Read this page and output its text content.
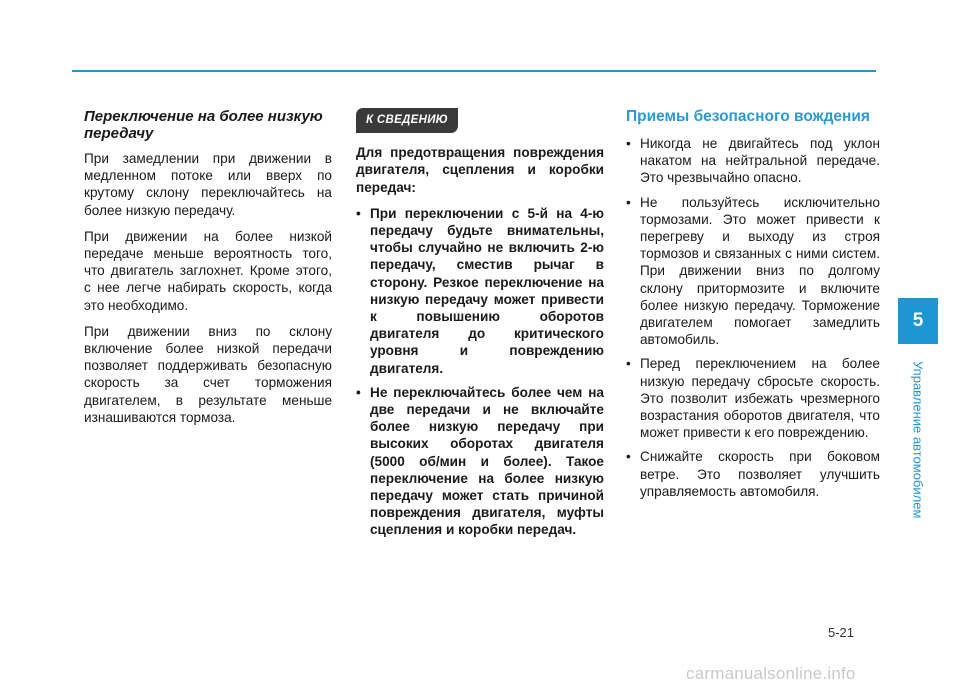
Переключение на более низкую передачу

При замедлении при движении в медленном потоке или вверх по крутому склону переключайтесь на более низкую передачу.

При движении на более низкой передаче меньше вероятность того, что двигатель заглохнет. Кроме этого, с нее легче набирать скорость, когда это необходимо.

При движении вниз по склону включение более низкой передачи позволяет поддерживать безопасную скорость за счет торможения двигателем, в результате меньше изнашиваются тормоза.

К СВЕДЕНИЮ

Для предотвращения повреждения двигателя, сцепления и коробки передач:

• При переключении с 5-й на 4-ю передачу будьте внимательны, чтобы случайно не включить 2-ю передачу, сместив рычаг в сторону. Резкое переключение на низкую передачу может привести к повышению оборотов двигателя до критического уровня и повреждению двигателя.
• Не переключайтесь более чем на две передачи и не включайте более низкую передачу при высоких оборотах двигателя (5000 об/мин и более). Такое переключение на более низкую передачу может стать причиной повреждения двигателя, муфты сцепления и коробки передач.
Приемы безопасного вождения
• Никогда не двигайтесь под уклон накатом на нейтральной передаче. Это чрезвычайно опасно.
• Не пользуйтесь исключительно тормозами. Это может привести к перегреву и выходу из строя тормозов и связанных с ними систем. При движении вниз по долгому склону притормозите и включите более низкую передачу. Торможение двигателем помогает замедлить автомобиль.
• Перед переключением на более низкую передачу сбросьте скорость. Это позволит избежать чрезмерного возрастания оборотов двигателя, что может привести к его повреждению.
• Снижайте скорость при боковом ветре. Это позволяет улучшить управляемость автомобиля.
5
Управление автомобилем
5-21
carmanualsonline.info
